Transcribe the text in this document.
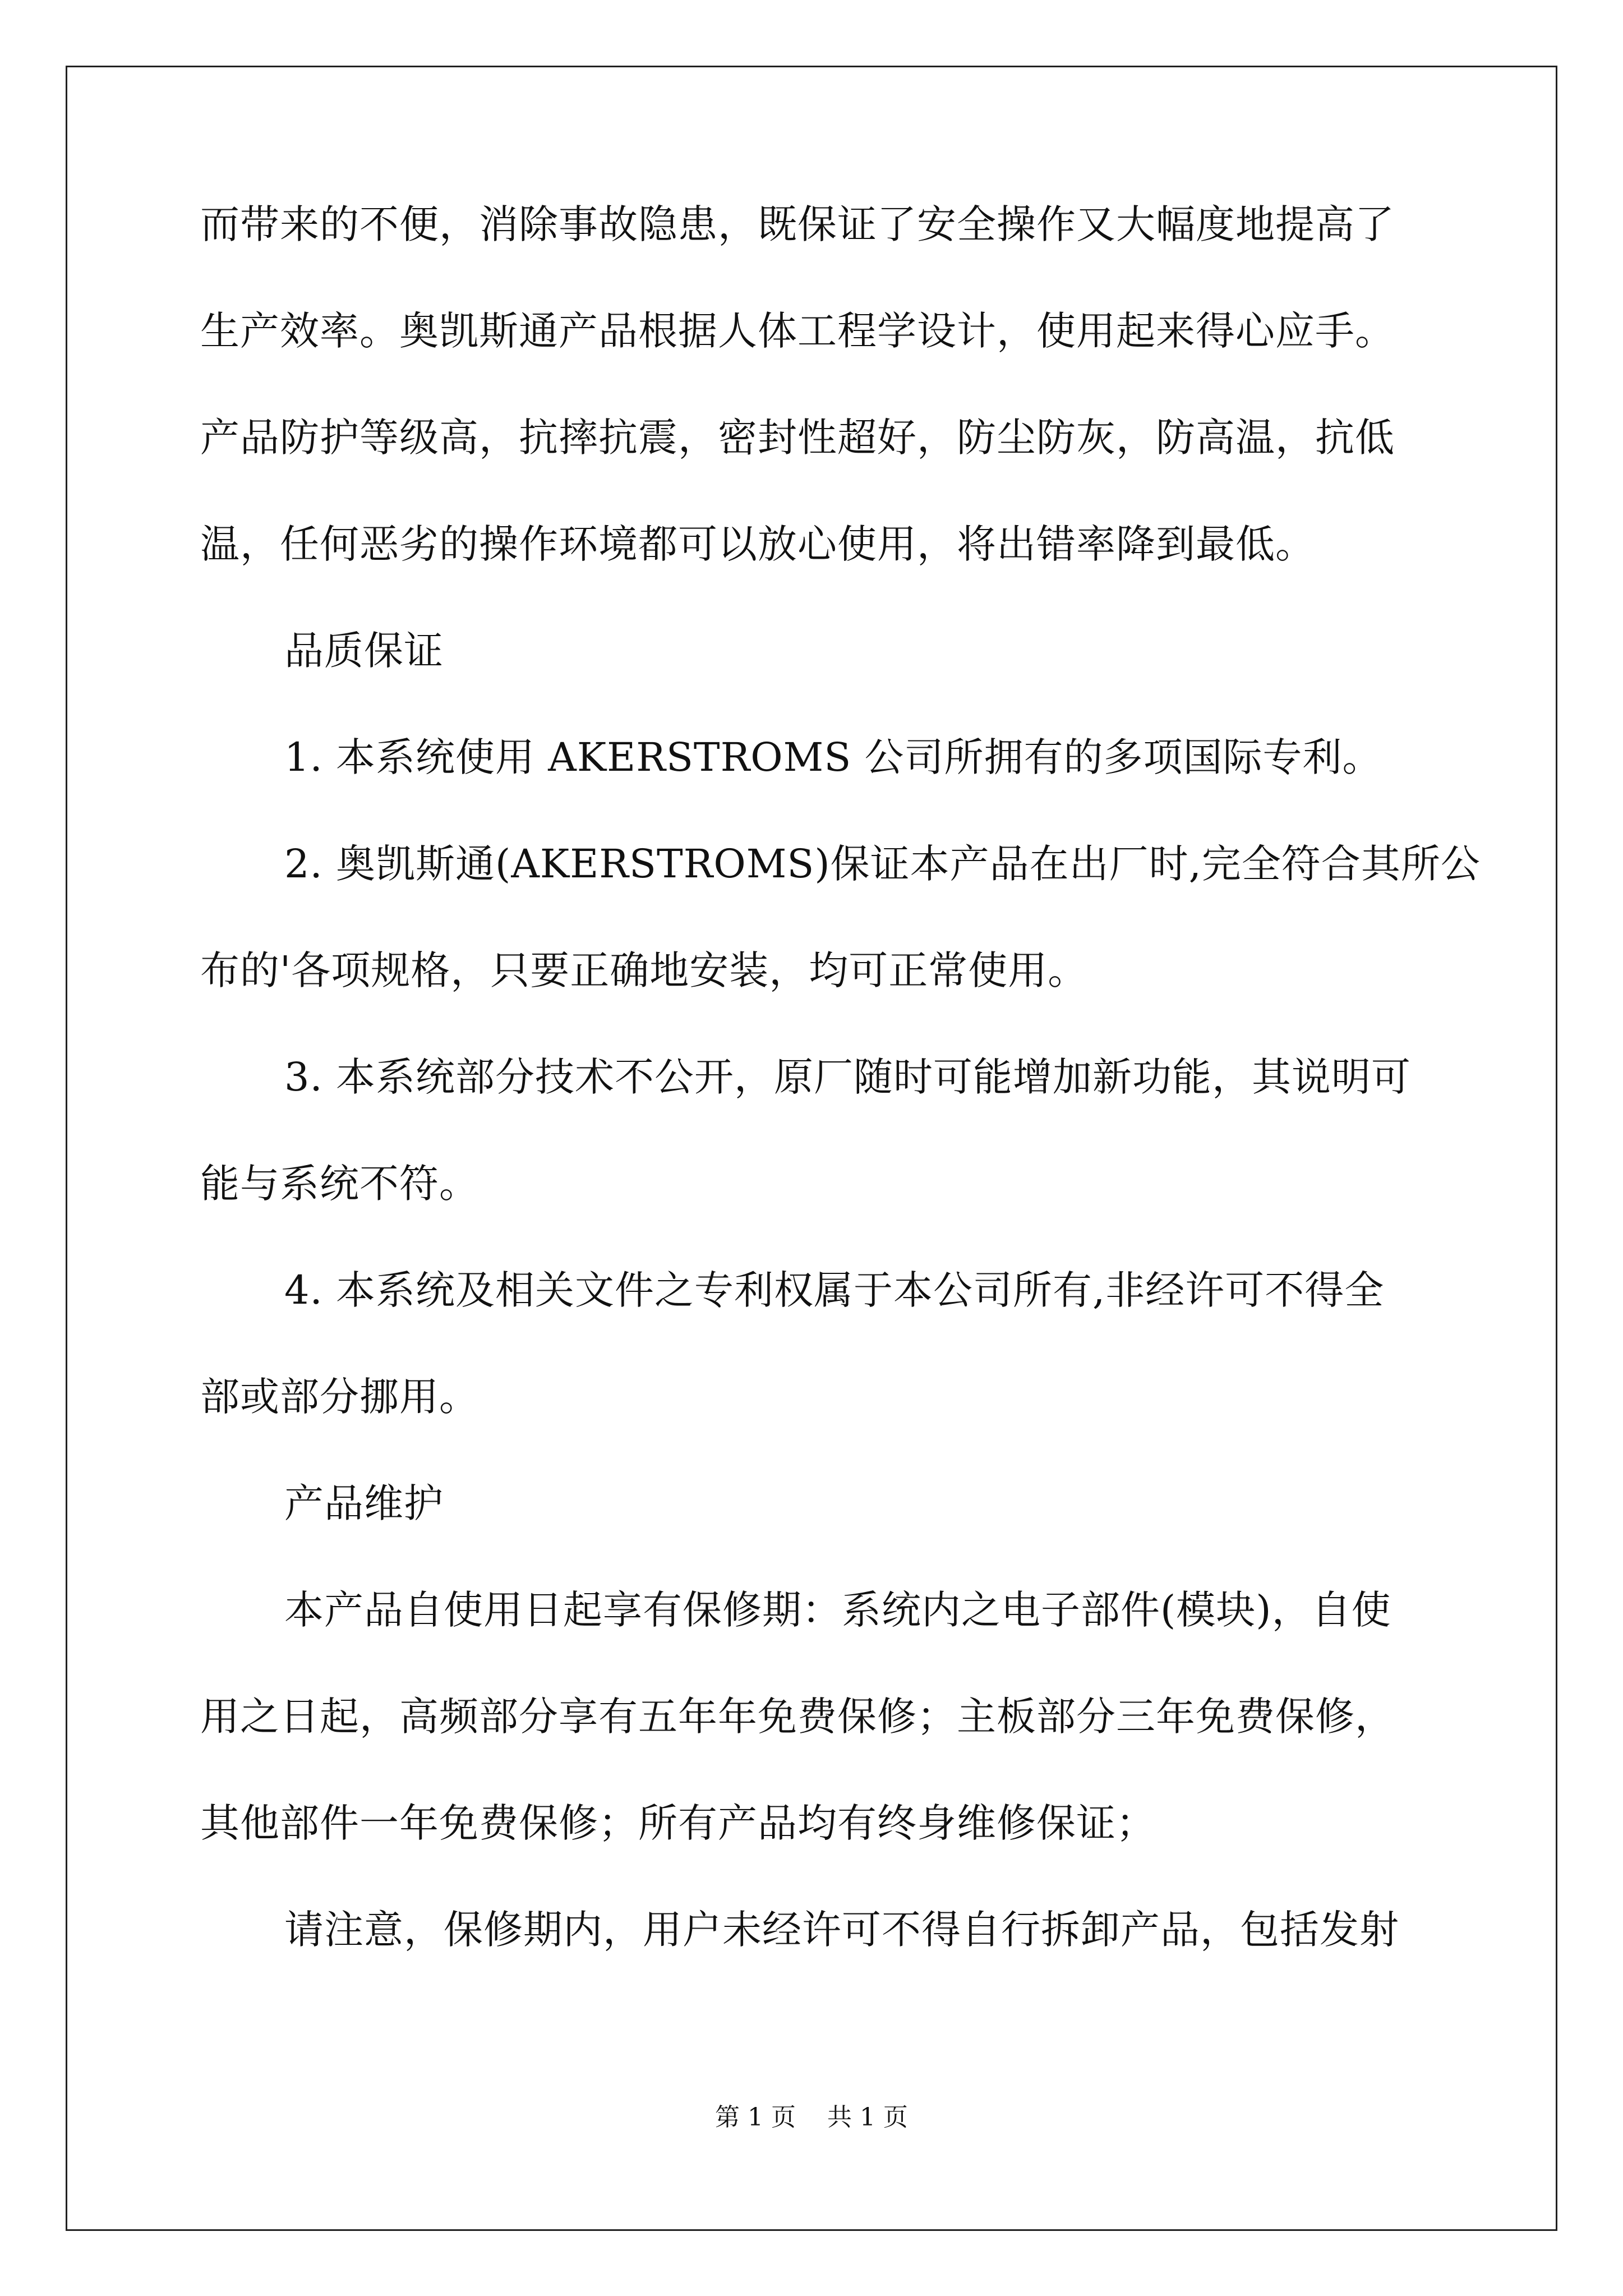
而带来的不便，消除事故隐患，既保证了安全操作又大幅度地提高了
生产效率。奥凯斯通产品根据人体工程学设计，使用起来得心应手。
产品防护等级高，抗摔抗震，密封性超好，防尘防灰，防高温，抗低
温，任何恶劣的操作环境都可以放心使用，将出错率降到最低。
品质保证
1. 本系统使用 AKERSTROMS 公司所拥有的多项国际专利。
2. 奥凯斯通(AKERSTROMS)保证本产品在出厂时,完全符合其所公
布的'各项规格，只要正确地安装，均可正常使用。
3. 本系统部分技术不公开，原厂随时可能增加新功能，其说明可
能与系统不符。
4. 本系统及相关文件之专利权属于本公司所有,非经许可不得全
部或部分挪用。
产品维护
本产品自使用日起享有保修期：系统内之电子部件(模块)，自使
用之日起，高频部分享有五年年免费保修；主板部分三年免费保修，
其他部件一年免费保修；所有产品均有终身维修保证；
请注意，保修期内，用户未经许可不得自行拆卸产品，包括发射
第 1 页    共 1 页
